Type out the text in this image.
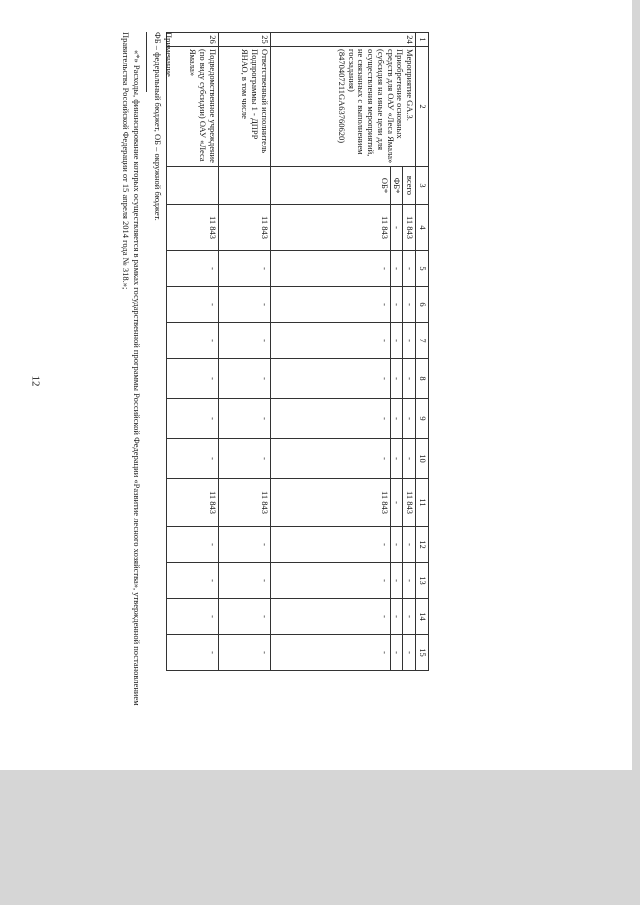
12
1	2	3	4	5	6	7	8	9	10	11	12	13	14	15
24	Мероприятие GA.3. Приобретение основных средств для ОАУ «Леса Ямала» (субсидия на иные цели для осуществления мероприятий, не связанных с выполнением госзадания) (8470407211GA63760620)	всего	11 843	-	-	-	-	-	-	11 843	-	-	-	-
		ФБ*	-	-	-	-	-	-	-	-	-	-	-	-
		ОБ*	11 843	-	-	-	-	-	-	11 843	-	-	-	-
25	Ответственный исполнитель Подпрограммы 1 - ДПРР ЯНАО, в том числе		11 843	-	-	-	-	-	-	11 843	-	-	-	-
26	Подведомственное учреждение (по виду субсидии) ОАУ «Леса Ямала»		11 843	-	-	-	-	-	-	11 843	-	-	-	-

Примечание.

ФБ – федеральный бюджет, ОБ – окружной бюджет.

«*» Расходы, финансирование которых осуществляется в рамках государственной программы Российской Федерации «Развитие лесного хозяйства», утвержденной постановлением Правительства Российской Федерации от 15 апреля 2014 года № 318.»;
